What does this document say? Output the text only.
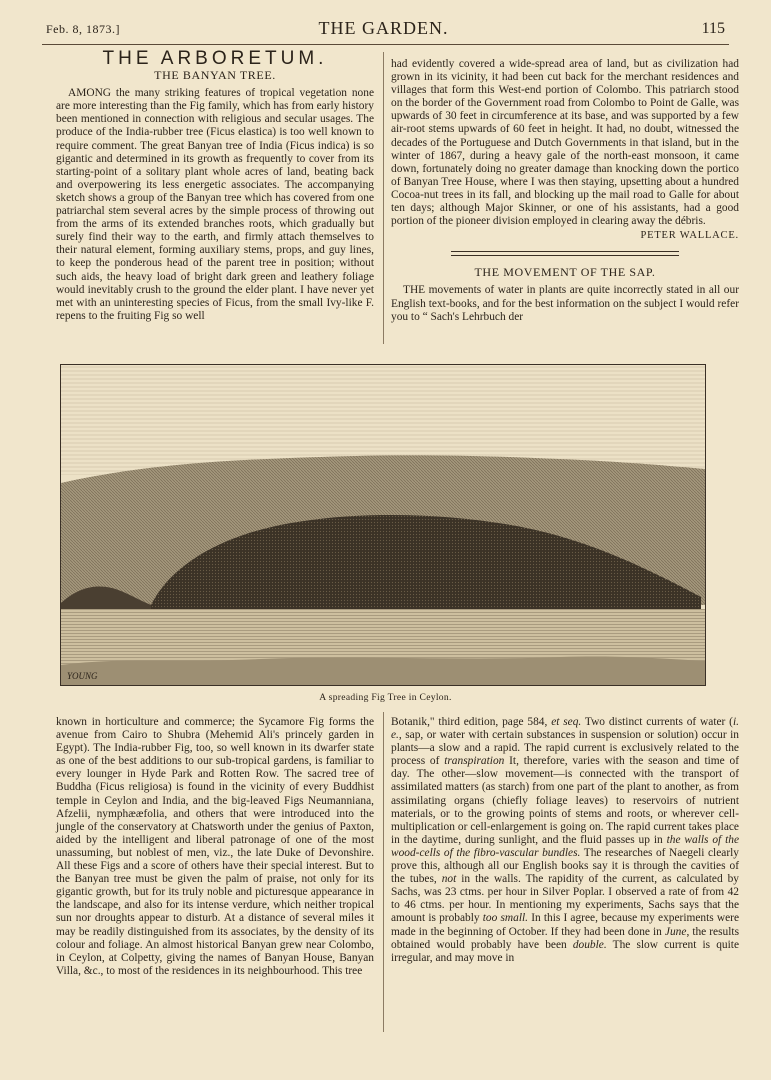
Feb. 8, 1873.]	THE GARDEN.	115
THE ARBORETUM.
THE BANYAN TREE.

AMONG the many striking features of tropical vegetation none are more interesting than the Fig family, which has from early history been mentioned in connection with religious and secular usages. The produce of the India-rubber tree (Ficus elastica) is too well known to require comment. The great Banyan tree of India (Ficus indica) is so gigantic and determined in its growth as frequently to cover from its starting-point of a solitary plant whole acres of land, beating back and overpowering its less energetic associates. The accompanying sketch shows a group of the Banyan tree which has covered from one patriarchal stem several acres by the simple process of throwing out from the arms of its extended branches roots, which gradually but surely find their way to the earth, and firmly attach themselves to their natural element, forming auxiliary stems, props, and guy lines, to keep the ponderous head of the parent tree in position; without such aids, the heavy load of bright dark green and leathery foliage would inevitably crush to the ground the elder plant. I have never yet met with an uninteresting species of Ficus, from the small Ivy-like F. repens to the fruiting Fig so well

had evidently covered a wide-spread area of land, but as civilization had grown in its vicinity, it had been cut back for the merchant residences and villages that form this West-end portion of Colombo. This patriarch stood on the border of the Government road from Colombo to Point de Galle, was upwards of 30 feet in circumference at its base, and was supported by a few air-root stems upwards of 60 feet in height. It had, no doubt, witnessed the decades of the Portuguese and Dutch Governments in that island, but in the winter of 1867, during a heavy gale of the north-east monsoon, it came down, fortunately doing no greater damage than knocking down the portico of Banyan Tree House, where I was then staying, upsetting about a hundred Cocoa-nut trees in its fall, and blocking up the mail road to Galle for about ten days; although Major Skinner, or one of his assistants, had a good portion of the pioneer division employed in clearing away the débris.

PETER WALLACE.

THE MOVEMENT OF THE SAP.

THE movements of water in plants are quite incorrectly stated in all our English text-books, and for the best information on the subject I would refer you to “ Sach's Lehrbuch der

YOUNG
A spreading Fig Tree in Ceylon.

known in horticulture and commerce; the Sycamore Fig forms the avenue from Cairo to Shubra (Mehemid Ali's princely garden in Egypt). The India-rubber Fig, too, so well known in its dwarfer state as one of the best additions to our sub-tropical gardens, is familiar to every lounger in Hyde Park and Rotten Row. The sacred tree of Buddha (Ficus religiosa) is found in the vicinity of every Buddhist temple in Ceylon and India, and the big-leaved Figs Neumanniana, Afzelii, nymphææfolia, and others that were introduced into the jungle of the conservatory at Chatsworth under the genius of Paxton, aided by the intelligent and liberal patronage of one of the most unassuming, but noblest of men, viz., the late Duke of Devonshire. All these Figs and a score of others have their special interest. But to the Banyan tree must be given the palm of praise, not only for its gigantic growth, but for its truly noble and picturesque appearance in the landscape, and also for its intense verdure, which neither tropical sun nor droughts appear to disturb. At a distance of several miles it may be readily distinguished from its associates, by the density of its colour and foliage. An almost historical Banyan grew near Colombo, in Ceylon, at Colpetty, giving the names of Banyan House, Banyan Villa, &c., to most of the residences in its neighbourhood. This tree

Botanik," third edition, page 584, et seq. Two distinct currents of water (i. e., sap, or water with certain substances in suspension or solution) occur in plants—a slow and a rapid. The rapid current is exclusively related to the process of transpiration It, therefore, varies with the season and time of day. The other—slow movement—is connected with the transport of assimilated matters (as starch) from one part of the plant to another, as from assimilating organs (chiefly foliage leaves) to reservoirs of nutrient materials, or to the growing points of stems and roots, or wherever cell-multiplication or cell-enlargement is going on. The rapid current takes place in the daytime, during sunlight, and the fluid passes up in the walls of the wood-cells of the fibro-vascular bundles. The researches of Naegeli clearly prove this, although all our English books say it is through the cavities of the tubes, not in the walls. The rapidity of the current, as calculated by Sachs, was 23 ctms. per hour in Silver Poplar. I observed a rate of from 42 to 46 ctms. per hour. In mentioning my experiments, Sachs says that the amount is probably too small. In this I agree, because my experiments were made in the beginning of October. If they had been done in June, the results obtained would probably have been double. The slow current is quite irregular, and may move in
